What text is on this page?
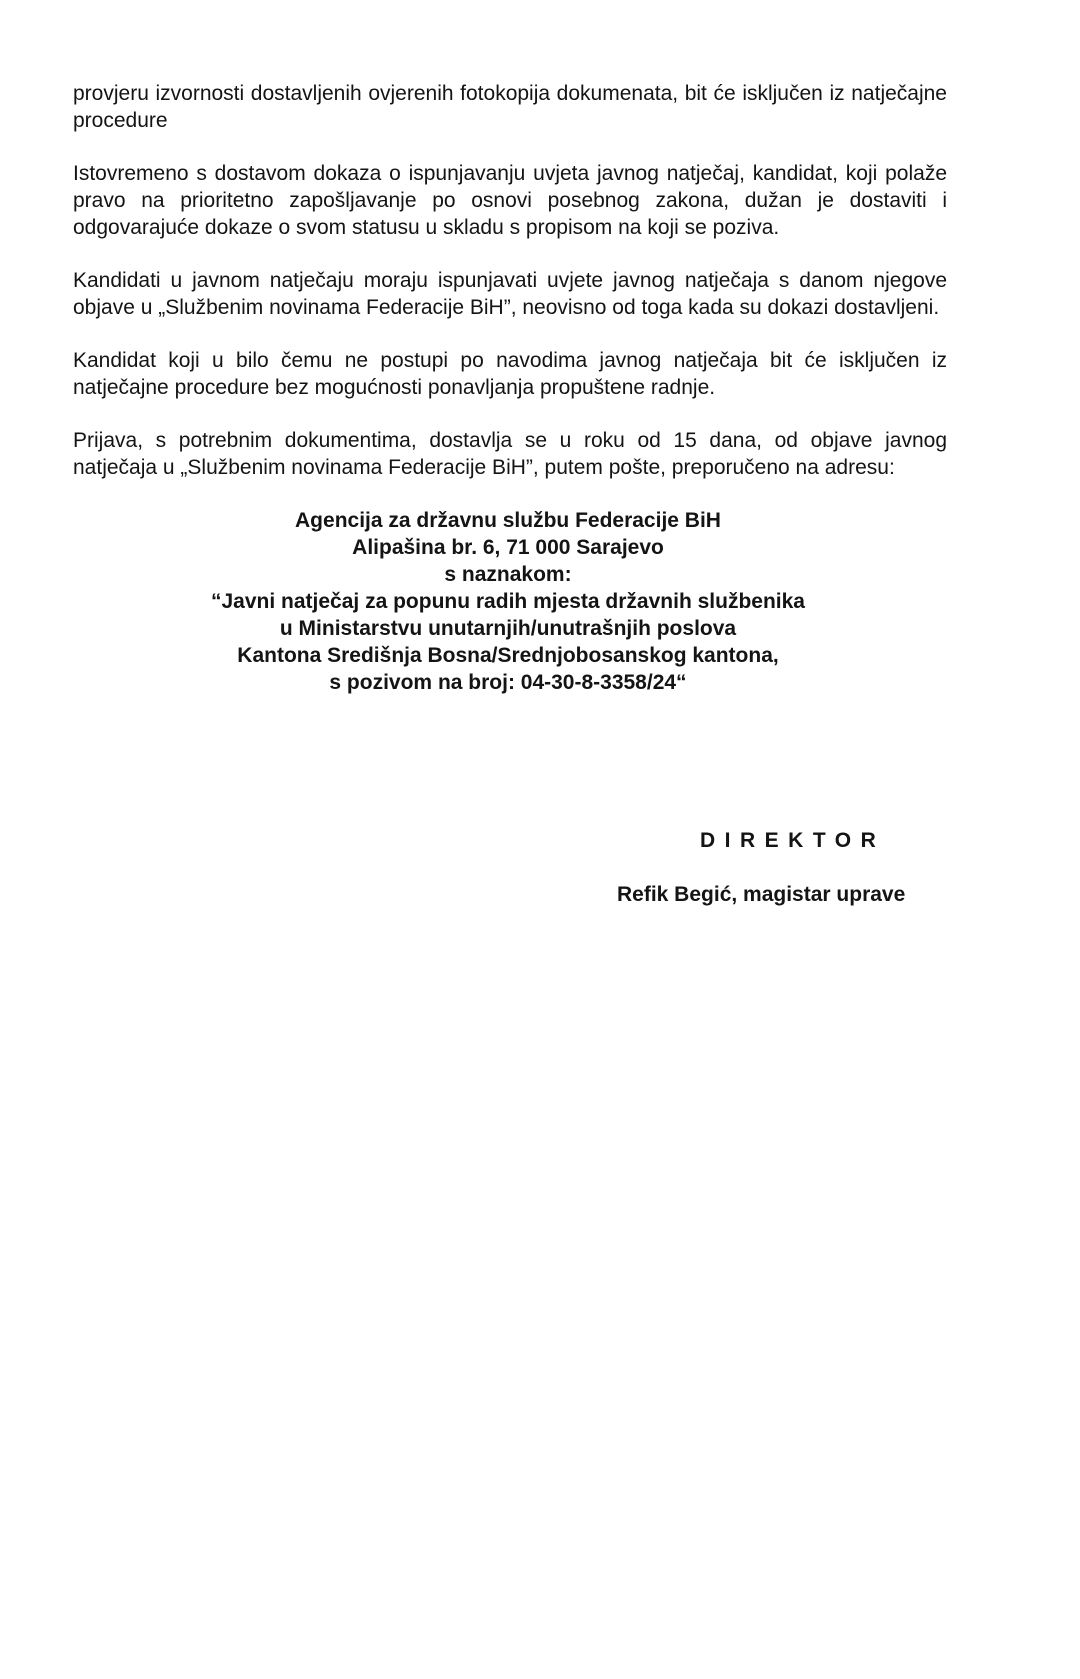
provjeru izvornosti dostavljenih ovjerenih fotokopija dokumenata, bit će isključen iz natječajne procedure

Istovremeno s dostavom dokaza o ispunjavanju uvjeta javnog natječaj, kandidat, koji polaže pravo na prioritetno zapošljavanje po osnovi posebnog zakona, dužan je dostaviti i odgovarajuće dokaze o svom statusu u skladu s propisom na koji se poziva.

Kandidati u javnom natječaju moraju ispunjavati uvjete javnog natječaja s danom njegove objave u „Službenim novinama Federacije BiH”, neovisno od toga kada su dokazi dostavljeni.

Kandidat koji u bilo čemu ne postupi po navodima javnog natječaja bit će isključen iz natječajne procedure bez mogućnosti ponavljanja propuštene radnje.

Prijava, s potrebnim dokumentima, dostavlja se u roku od 15 dana, od objave javnog natječaja u „Službenim novinama Federacije BiH”, putem pošte, preporučeno na adresu:

Agencija za državnu službu Federacije BiH
Alipašina br. 6, 71 000 Sarajevo
s naznakom:
“Javni natječaj za popunu radih mjesta državnih službenika
u Ministarstvu unutarnjih/unutrašnjih poslova
Kantona Središnja Bosna/Srednjobosanskog kantona,
s pozivom na broj: 04-30-8-3358/24“
DIREKTOR
Refik Begić, magistar uprave
